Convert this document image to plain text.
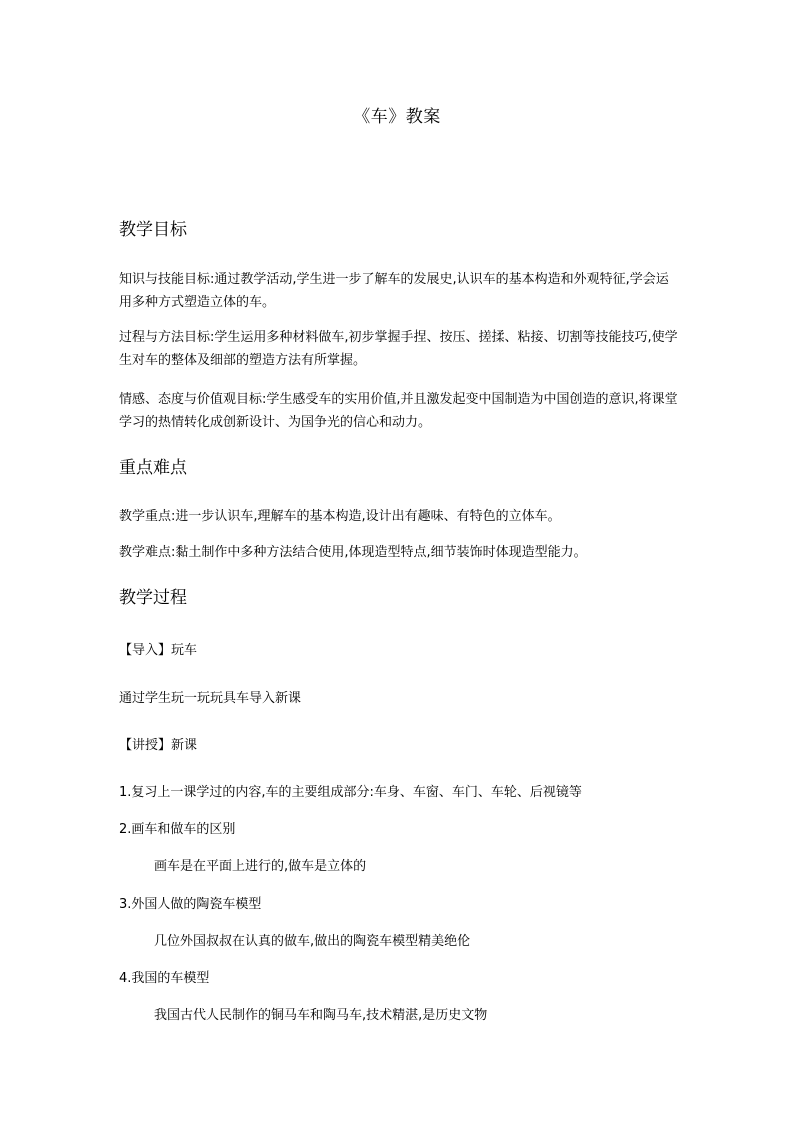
《车》教案
教学目标
知识与技能目标:通过教学活动,学生进一步了解车的发展史,认识车的基本构造和外观特征,学会运用多种方式塑造立体的车。
过程与方法目标:学生运用多种材料做车,初步掌握手捏、按压、搓揉、粘接、切割等技能技巧,使学生对车的整体及细部的塑造方法有所掌握。
情感、态度与价值观目标:学生感受车的实用价值,并且激发起变中国制造为中国创造的意识,将课堂学习的热情转化成创新设计、为国争光的信心和动力。
重点难点
教学重点:进一步认识车,理解车的基本构造,设计出有趣味、有特色的立体车。
教学难点:黏土制作中多种方法结合使用,体现造型特点,细节装饰时体现造型能力。
教学过程
【导入】玩车
通过学生玩一玩玩具车导入新课
【讲授】新课
1.复习上一课学过的内容,车的主要组成部分:车身、车窗、车门、车轮、后视镜等
2.画车和做车的区别
画车是在平面上进行的,做车是立体的
3.外国人做的陶瓷车模型
几位外国叔叔在认真的做车,做出的陶瓷车模型精美绝伦
4.我国的车模型
我国古代人民制作的铜马车和陶马车,技术精湛,是历史文物
